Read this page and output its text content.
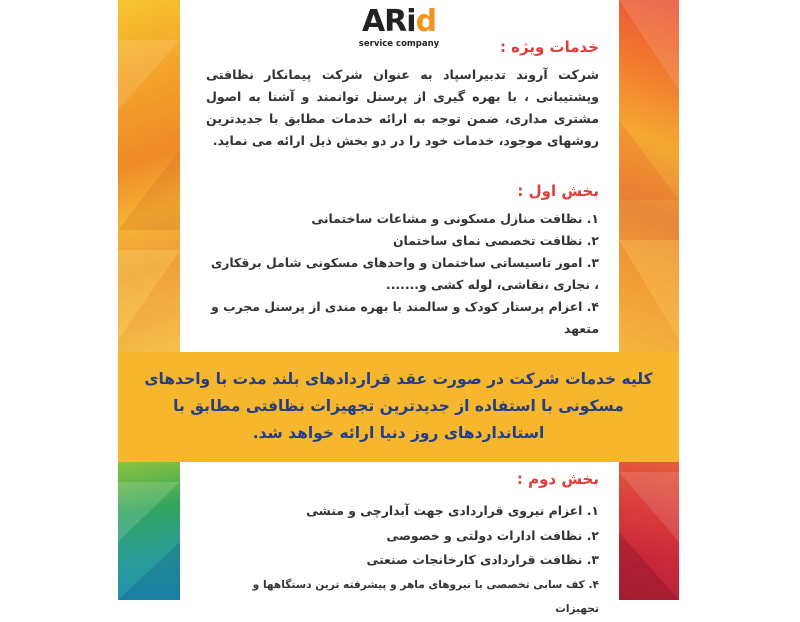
ARid
service company	خدمات ویژه :
شرکت آروند تدبیراسپاد به عنوان شرکت پیمانکار نظافتی وپشتیبانی ، با بهره گیری از پرسنل توانمند و آشنا به اصول مشتری مداری، ضمن توجه به ارائه خدمات مطابق با جدیدترین روشهای موجود، خدمات خود را در دو بخش ذیل ارائه می نماید.
بخش اول :
۱. نظافت منازل مسکونی و مشاعات ساختمانی
۲. نظافت تخصصی نمای ساختمان
۳. امور تاسیساتی ساختمان و واحدهای مسکونی شامل برقکاری ، نجاری ،نقاشی، لوله کشی و.......
۴. اعزام پرستار کودک و سالمند با بهره مندی از پرسنل مجرب و متعهد

کلیه خدمات شرکت در صورت عقد قراردادهای بلند مدت با واحدهای مسکونی با استفاده از جدیدترین تجهیزات نظافتی مطابق با استانداردهای روز دنیا ارائه خواهد شد.

بخش دوم :
۱. اعزام نیروی قراردادی جهت آبدارچی و منشی
۲. نظافت ادارات دولتی و خصوصی
۳. نظافت قراردادی کارخانجات صنعتی
۴. کف سابی تخصصی با نیروهای ماهر و پیشرفته ترین دستگاهها و تجهیزات
